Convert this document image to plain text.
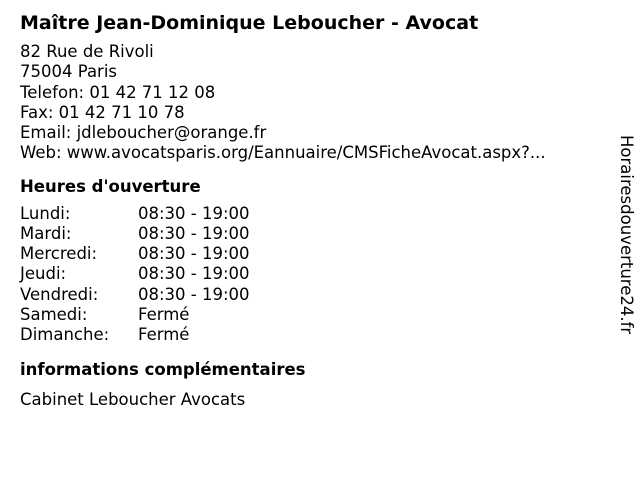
Maître Jean-Dominique Leboucher - Avocat
82 Rue de Rivoli
75004 Paris
Telefon: 01 42 71 12 08
Fax: 01 42 71 10 78
Email: jdleboucher@orange.fr
Web: www.avocatsparis.org/Eannuaire/CMSFicheAvocat.aspx?...
Heures d'ouverture
Lundi:	08:30 - 19:00
Mardi:	08:30 - 19:00
Mercredi: 08:30 - 19:00
Jeudi:	08:30 - 19:00
Vendredi: 08:30 - 19:00
Samedi:	Fermé
Dimanche: Fermé
informations complémentaires
Cabinet Leboucher Avocats
Horairesdouverture24.fr
